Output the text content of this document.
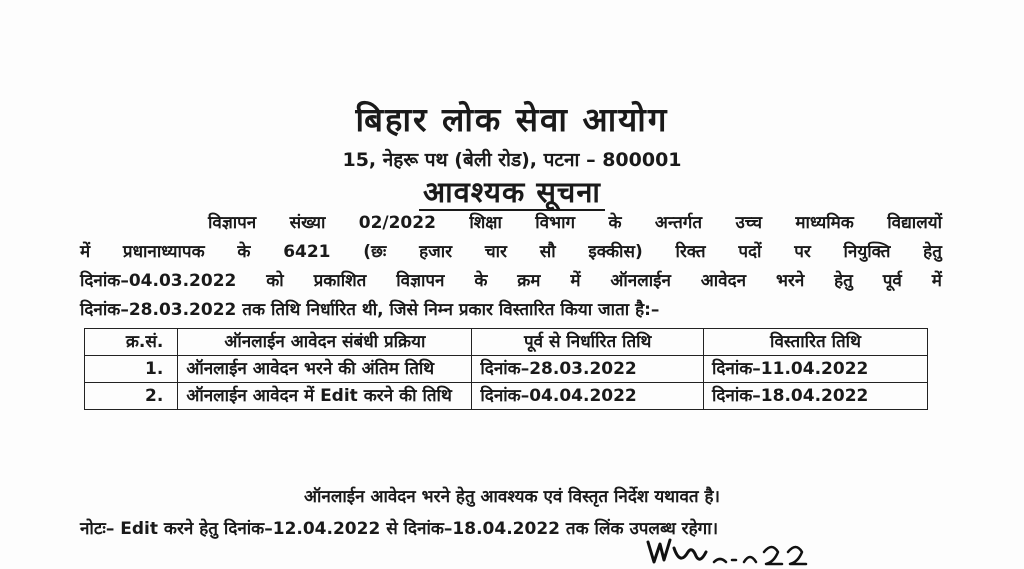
बिहार लोक सेवा आयोग
15, नेहरू पथ (बेली रोड), पटना – 800001
आवश्यक सूचना
विज्ञापन संख्या 02/2022 शिक्षा विभाग के अन्तर्गत उच्च माध्यमिक विद्यालयों
में प्रधानाध्यापक के 6421 (छः हजार चार सौ इक्कीस) रिक्त पदों पर नियुक्ति हेतु
दिनांक–04.03.2022 को प्रकाशित विज्ञापन के क्रम में ऑनलाईन आवेदन भरने हेतु पूर्व में
दिनांक–28.03.2022 तक तिथि निर्धारित थी, जिसे निम्न प्रकार विस्तारित किया जाता है:–
क्र.सं.	ऑनलाईन आवेदन संबंधी प्रक्रिया	पूर्व से निर्धारित तिथि	विस्तारित तिथि
1.	ऑनलाईन आवेदन भरने की अंतिम तिथि	दिनांक–28.03.2022	दिनांक–11.04.2022
2.	ऑनलाईन आवेदन में Edit करने की तिथि	दिनांक–04.04.2022	दिनांक–18.04.2022
ऑनलाईन आवेदन भरने हेतु आवश्यक एवं विस्तृत निर्देश यथावत है।
नोटः– Edit करने हेतु दिनांक–12.04.2022 से दिनांक–18.04.2022 तक लिंक उपलब्ध रहेगा।
